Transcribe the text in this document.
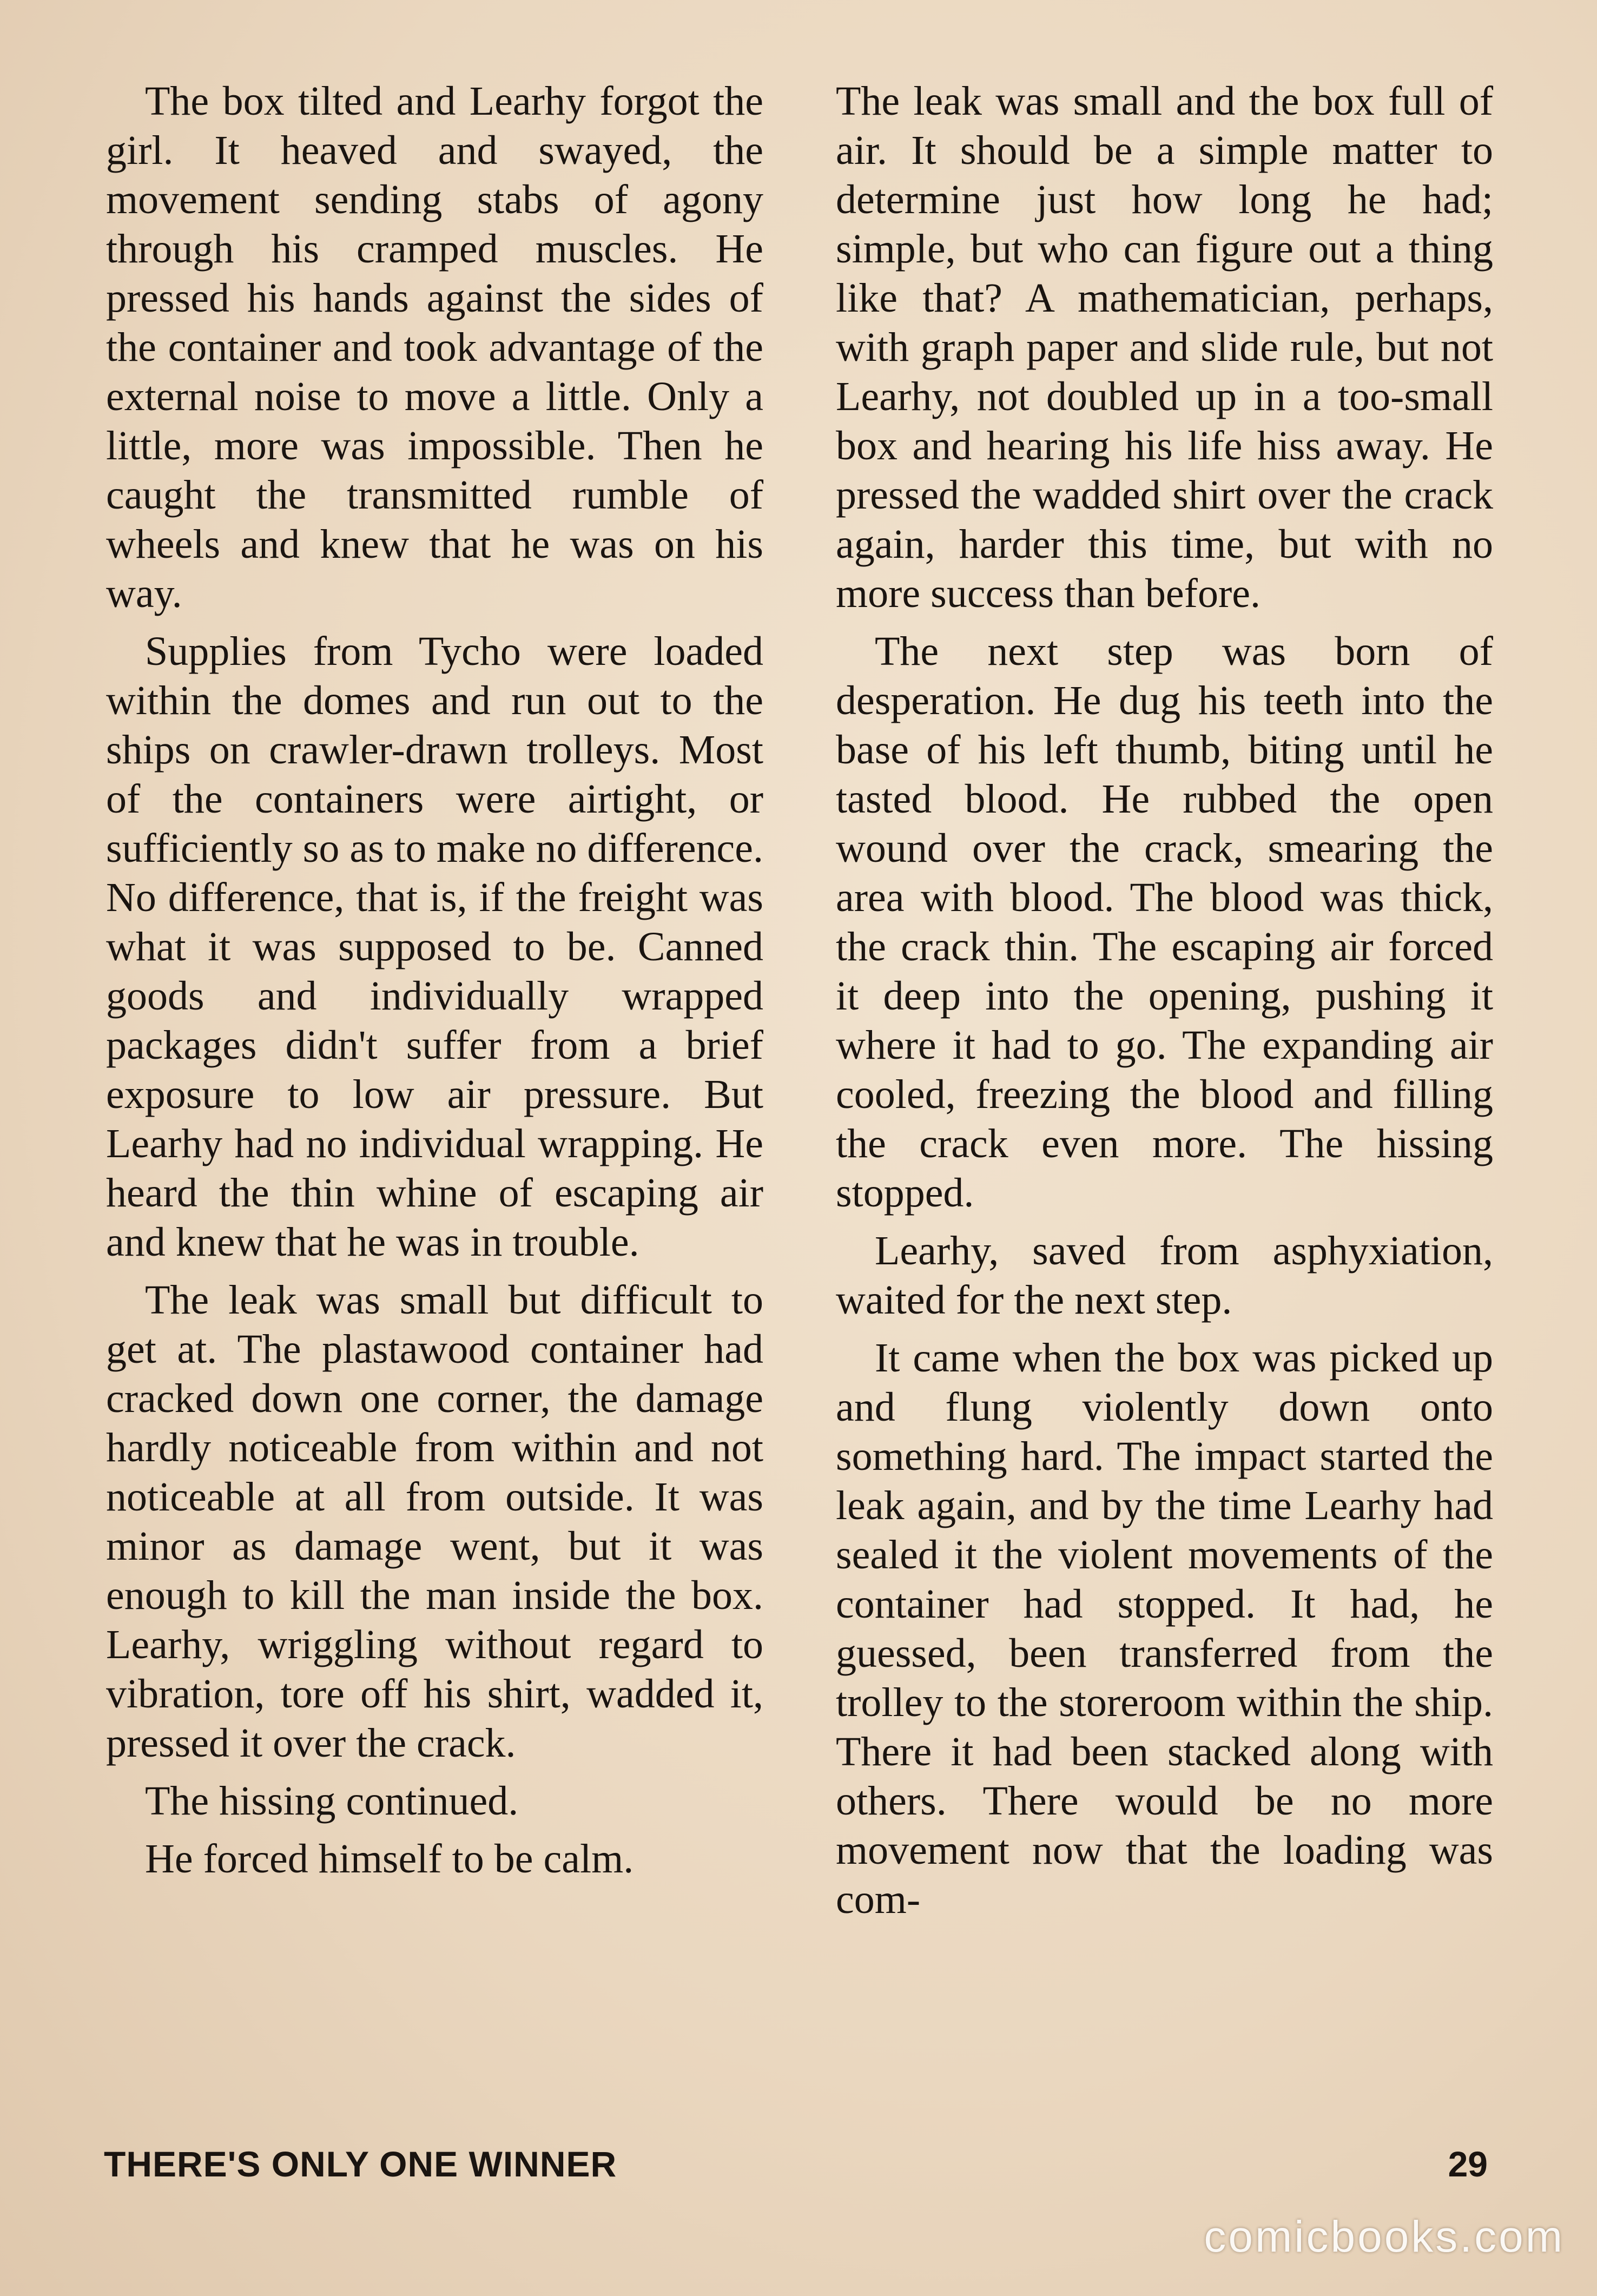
The box tilted and Learhy forgot the girl. It heaved and swayed, the movement sending stabs of agony through his cramped muscles. He pressed his hands against the sides of the container and took advantage of the external noise to move a little. Only a little, more was impossible. Then he caught the transmitted rumble of wheels and knew that he was on his way.

Supplies from Tycho were loaded within the domes and run out to the ships on crawler-drawn trolleys. Most of the containers were airtight, or sufficiently so as to make no difference. No difference, that is, if the freight was what it was supposed to be. Canned goods and individually wrapped packages didn't suffer from a brief exposure to low air pressure. But Learhy had no individual wrapping. He heard the thin whine of escaping air and knew that he was in trouble.

The leak was small but difficult to get at. The plastawood container had cracked down one corner, the damage hardly noticeable from within and not noticeable at all from outside. It was minor as damage went, but it was enough to kill the man inside the box. Learhy, wriggling without regard to vibration, tore off his shirt, wadded it, pressed it over the crack.

The hissing continued.

He forced himself to be calm.

The leak was small and the box full of air. It should be a simple matter to determine just how long he had; simple, but who can figure out a thing like that? A mathematician, perhaps, with graph paper and slide rule, but not Learhy, not doubled up in a too-small box and hearing his life hiss away. He pressed the wadded shirt over the crack again, harder this time, but with no more success than before.

The next step was born of desperation. He dug his teeth into the base of his left thumb, biting until he tasted blood. He rubbed the open wound over the crack, smearing the area with blood. The blood was thick, the crack thin. The escaping air forced it deep into the opening, pushing it where it had to go. The expanding air cooled, freezing the blood and filling the crack even more. The hissing stopped.

Learhy, saved from asphyxiation, waited for the next step.

It came when the box was picked up and flung violently down onto something hard. The impact started the leak again, and by the time Learhy had sealed it the violent movements of the container had stopped. It had, he guessed, been transferred from the trolley to the storeroom within the ship. There it had been stacked along with others. There would be no more movement now that the loading was com-

THERE'S ONLY ONE WINNER	29
comicbooks.com
